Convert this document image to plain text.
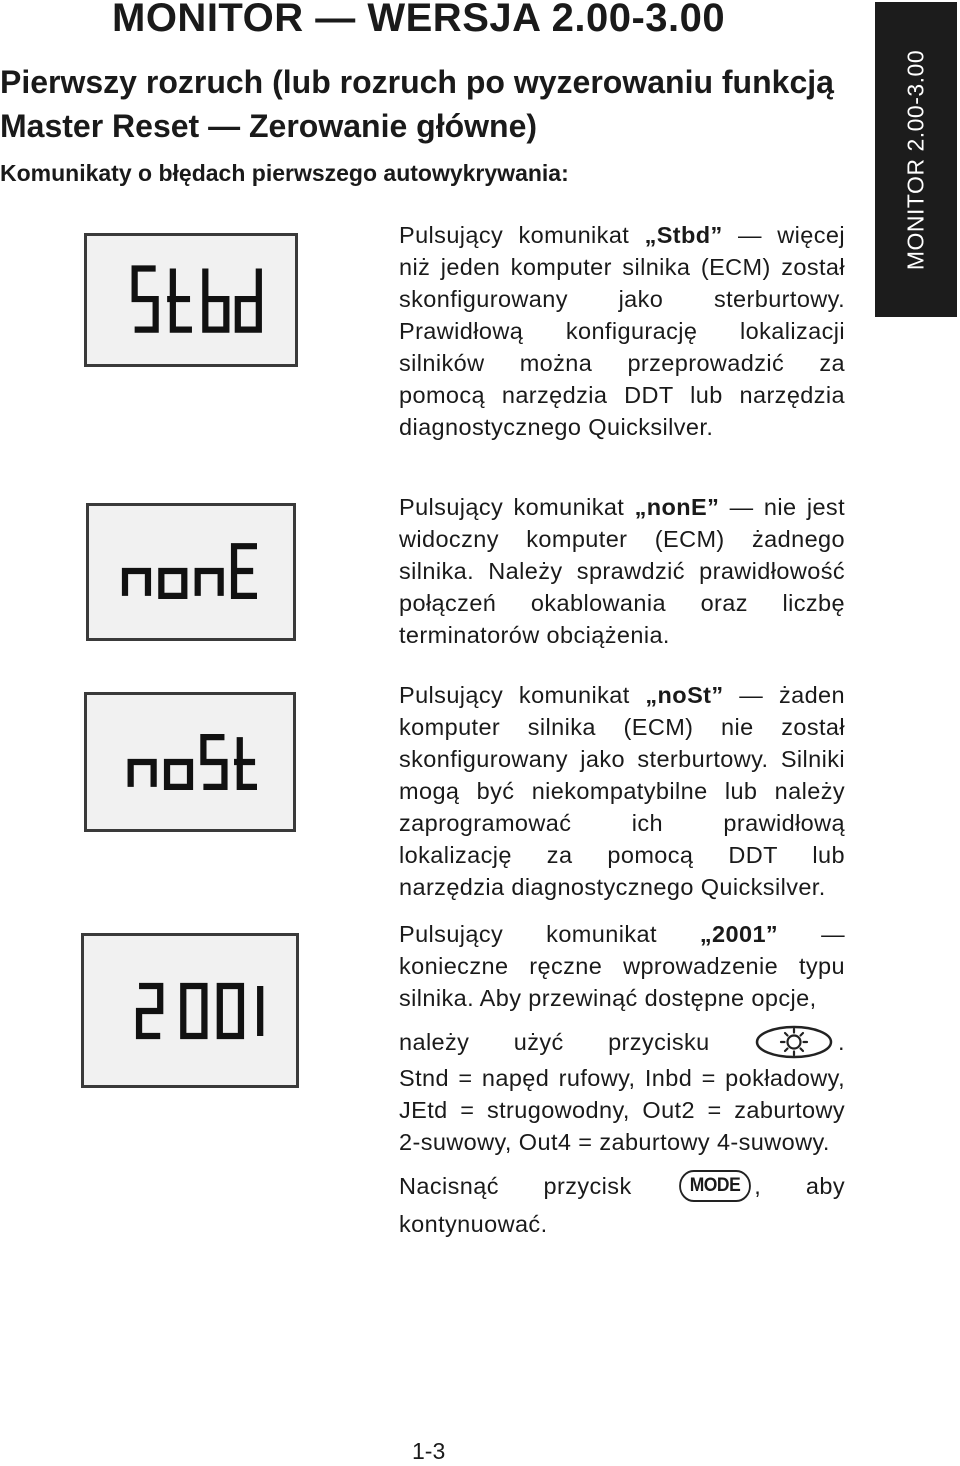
MONITOR — WERSJA 2.00-3.00
Pierwszy rozruch (lub rozruch po wyzerowaniu funkcją Master Reset — Zerowanie główne)
Komunikaty o błędach pierwszego autowykrywania:	MONITOR 2.00-3.00

Pulsujący komunikat „Stbd” — więcej niż jeden komputer silnika (ECM) został skonfigurowany jako sterburtowy. Prawidłową konfigurację lokalizacji silników można przeprowadzić za pomocą narzędzia DDT lub narzędzia diagnostycznego Quicksilver.

Pulsujący komunikat „nonE” — nie jest widoczny komputer (ECM) żadnego silnika. Należy sprawdzić prawidłowość połączeń okablowania oraz liczbę terminatorów obciążenia.

Pulsujący komunikat „noSt” — żaden komputer silnika (ECM) nie został skonfigurowany jako sterburtowy. Silniki mogą być niekompatybilne lub należy zaprogramować ich prawidłową lokalizację za pomocą DDT lub narzędzia diagnostycznego Quicksilver.

Pulsujący komunikat „2001” — konieczne ręczne wprowadzenie typu silnika. Aby przewinąć dostępne opcje,
należy użyć przycisku	.
Stnd = napęd rufowy, Inbd = pokładowy, JEtd = strugowodny, Out2 = zaburtowy 2-suwowy, Out4 = zaburtowy 4-suwowy.
Nacisnąć przycisk	MODE , aby
kontynuować.

1-3
